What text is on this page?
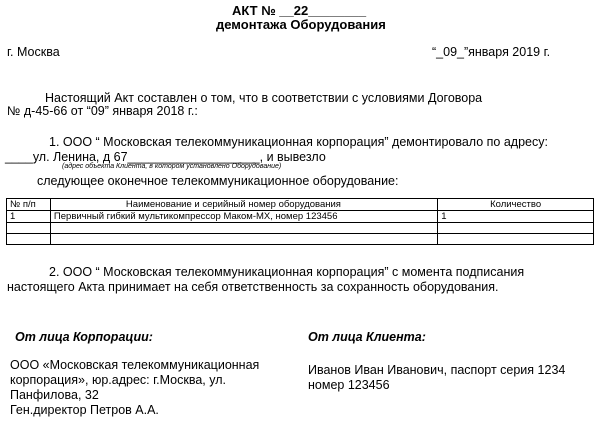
АКТ № __22________
демонтажа Оборудования
г. Москва	“_09_”января 2019 г.
Настоящий Акт составлен о том, что в соответствии с условиями Договора
№ д-45-66 от “09” января 2018 г.:
1. ООО “ Московская телекоммуникационная корпорация” демонтировало по адресу:
____ул. Ленина, д 67___________________, и вывезло
(адрес объекта Клиента, в котором установлено Оборудование)
следующее оконечное телекоммуникационное оборудование:
№ п/п	Наименование и серийный номер оборудования	Количество
1	Первичный гибкий мультикомпрессор Маком-МХ, номер 123456	1

2. ООО “ Московская телекоммуникационная корпорация” с момента подписания
настоящего Акта принимает на себя ответственность за сохранность оборудования.
От лица Корпорации:	От лица Клиента:
ООО «Московская телекоммуникационная
корпорация», юр.адрес: г.Москва, ул.
Панфилова, 32
Ген.директор Петров А.А.
Иванов Иван Иванович, паспорт серия 1234
номер 123456
